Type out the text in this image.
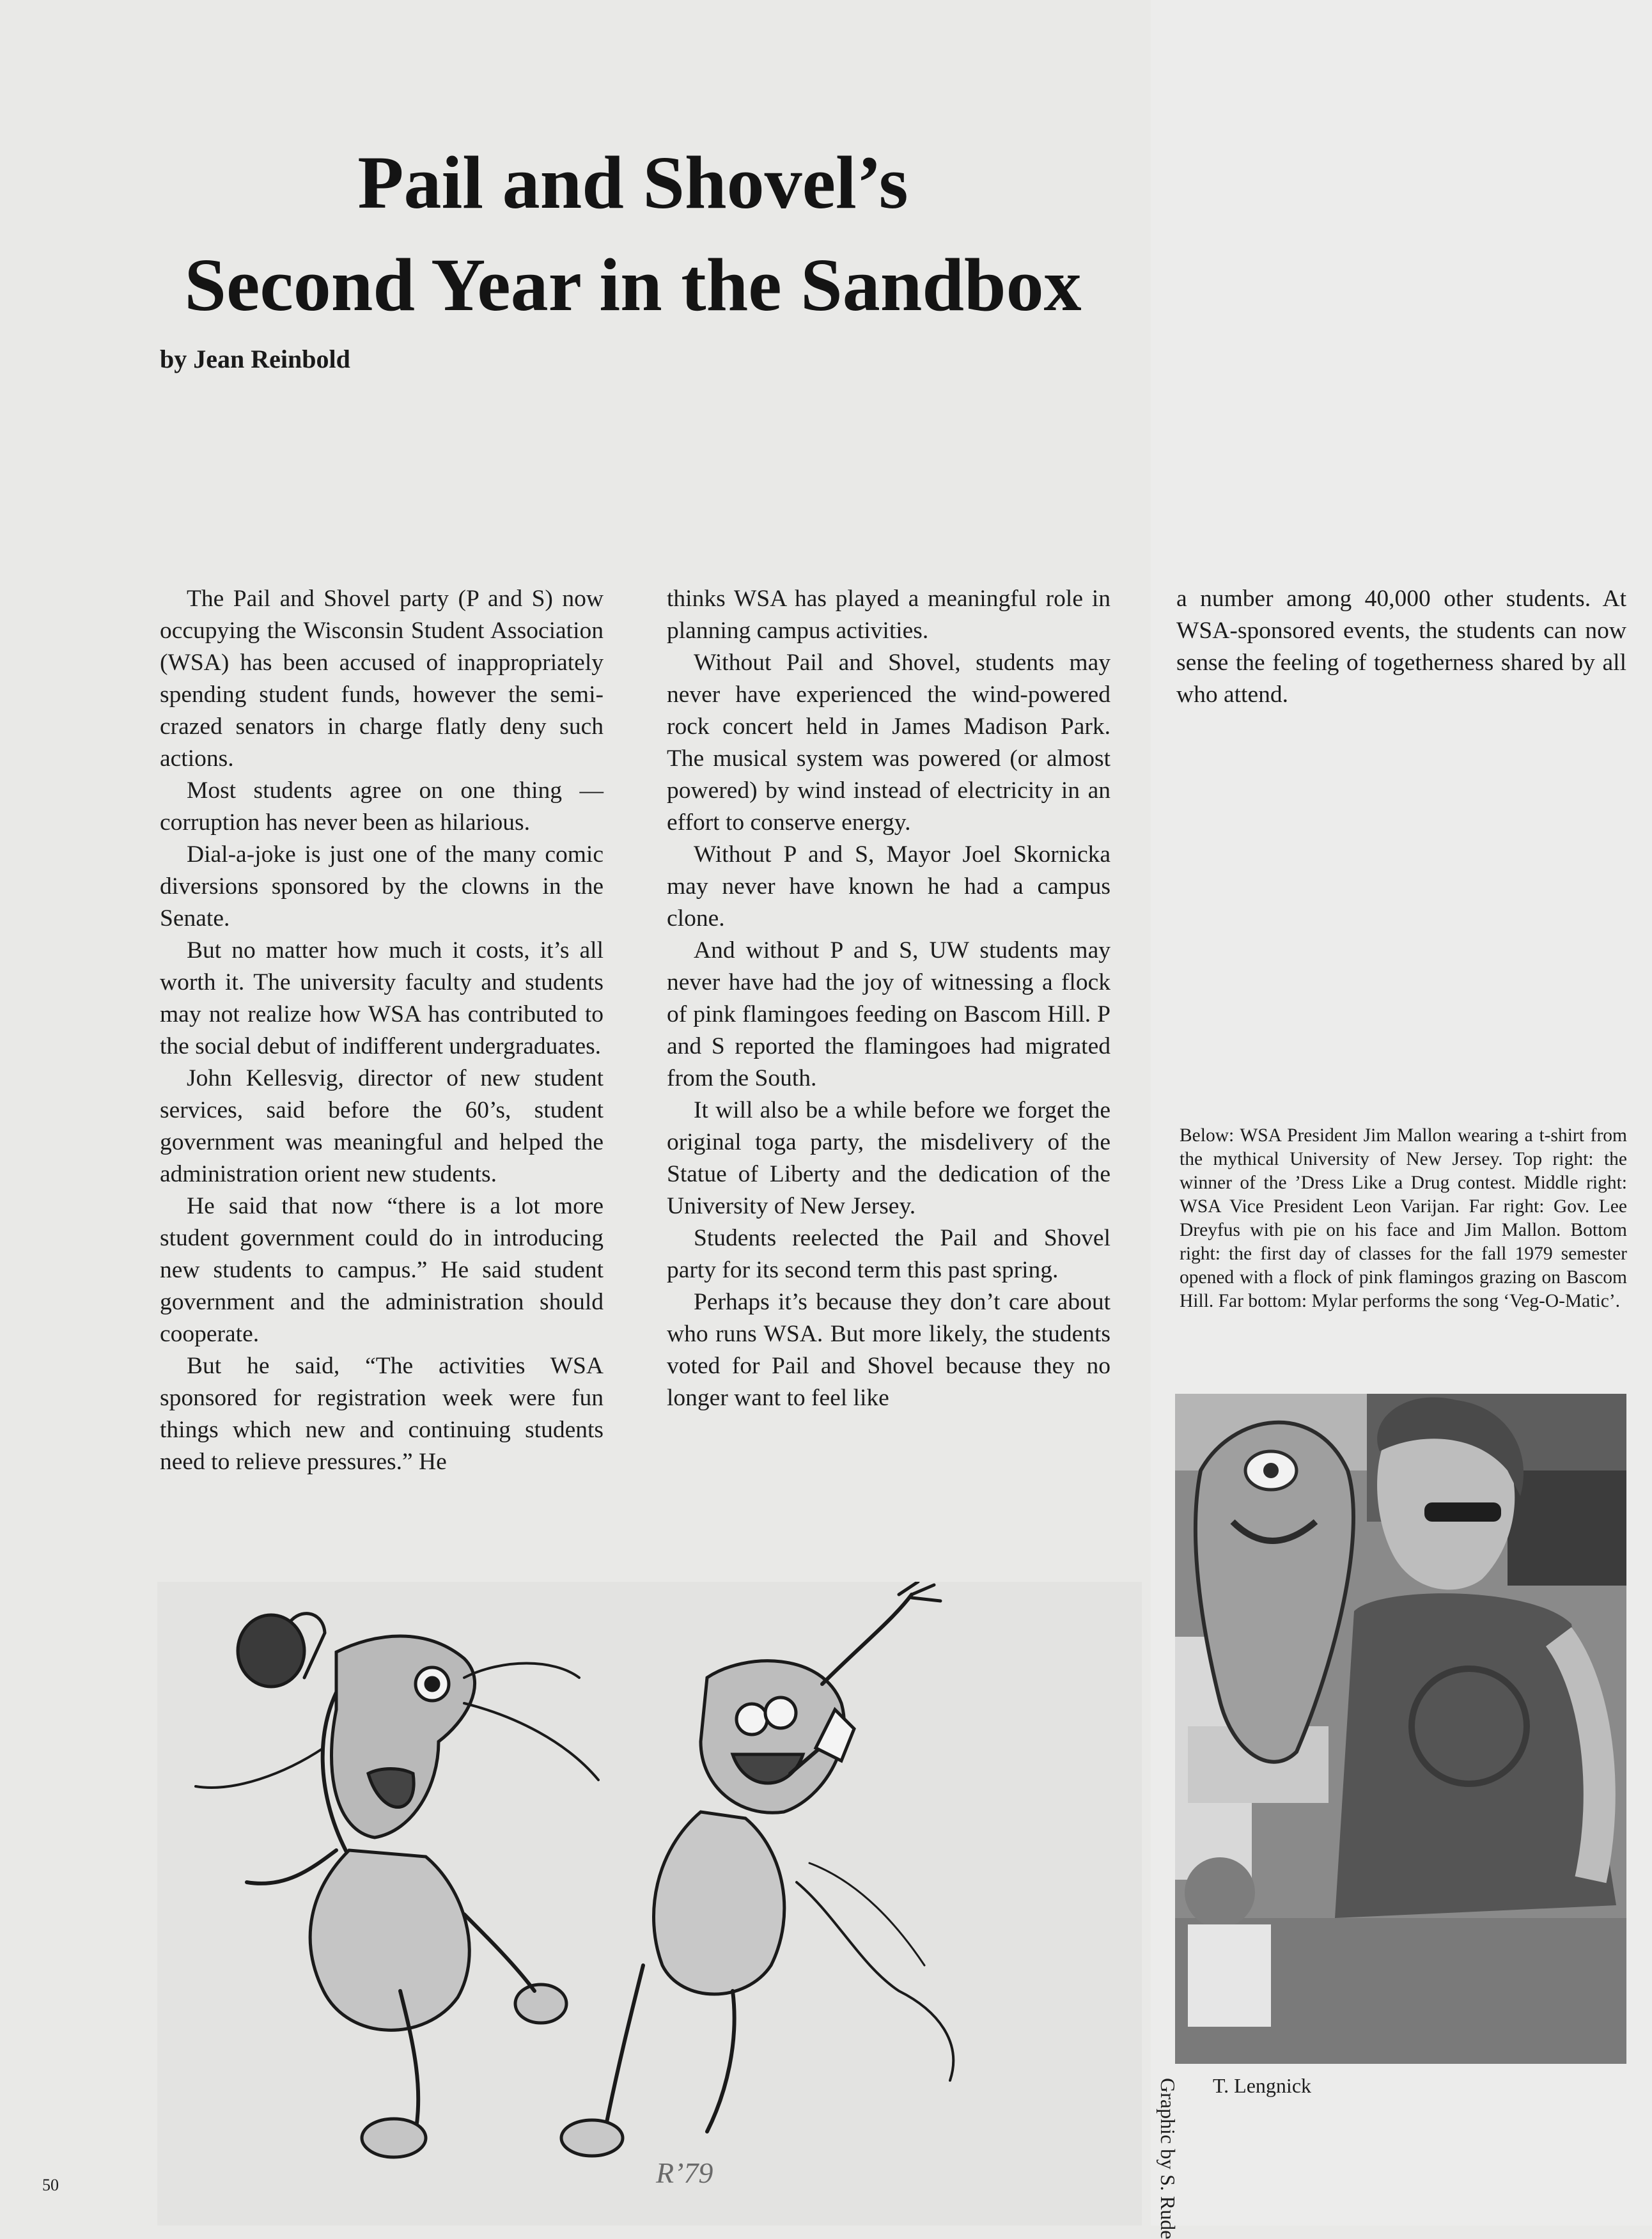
Pail and Shovel’s
Second Year in the Sandbox
by Jean Reinbold

The Pail and Shovel party (P and S) now occupying the Wisconsin Student Association (WSA) has been accused of inappropriately spending student funds, however the semi-crazed senators in charge flatly deny such actions.

Most students agree on one thing — corruption has never been as hilarious.

Dial-a-joke is just one of the many comic diversions sponsored by the clowns in the Senate.

But no matter how much it costs, it’s all worth it. The university faculty and students may not realize how WSA has contributed to the social debut of indifferent undergraduates.

John Kellesvig, director of new student services, said before the 60’s, student government was meaningful and helped the administration orient new students.

He said that now “there is a lot more student government could do in introducing new students to campus.” He said student government and the administration should cooperate.

But he said, “The activities WSA sponsored for registration week were fun things which new and continuing students need to relieve pressures.” He

thinks WSA has played a meaningful role in planning campus activities.

Without Pail and Shovel, students may never have experienced the wind-powered rock concert held in James Madison Park. The musical system was powered (or almost powered) by wind instead of electricity in an effort to conserve energy.

Without P and S, Mayor Joel Skornicka may never have known he had a campus clone.

And without P and S, UW students may never have had the joy of witnessing a flock of pink flamingoes feeding on Bascom Hill. P and S reported the flamingoes had migrated from the South.

It will also be a while before we forget the original toga party, the misdelivery of the Statue of Liberty and the dedication of the University of New Jersey.

Students reelected the Pail and Shovel party for its second term this past spring.

Perhaps it’s because they don’t care about who runs WSA. But more likely, the students voted for Pail and Shovel because they no longer want to feel like

a number among 40,000 other students. At WSA-sponsored events, the students can now sense the feeling of togetherness shared by all who attend.

Below: WSA President Jim Mallon wearing a t-shirt from the mythical University of New Jersey. Top right: the winner of the ’Dress Like a Drug contest. Middle right: WSA Vice President Leon Varijan. Far right: Gov. Lee Dreyfus with pie on his face and Jim Mallon. Bottom right: the first day of classes for the fall 1979 semester opened with a flock of pink flamingos grazing on Bascom Hill. Far bottom: Mylar performs the song ‘Veg-O-Matic’.
T. Lengnick
R’79	Graphic by S. Rude
50
